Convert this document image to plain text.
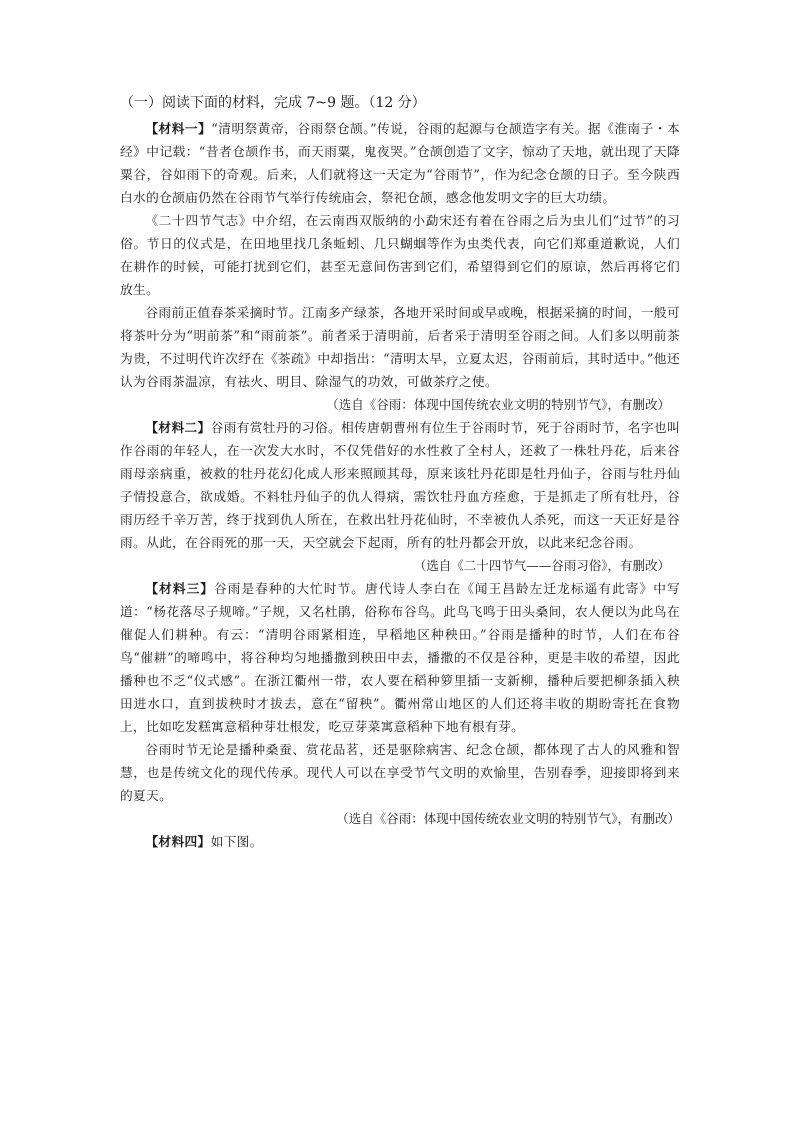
（一）阅读下面的材料，完成 7~9 题。（12 分）

【材料一】“清明祭黄帝，谷雨祭仓颉。”传说，谷雨的起源与仓颉造字有关。据《淮南子・本经》中记载：“昔者仓颉作书，而天雨粟，鬼夜哭。”仓颉创造了文字，惊动了天地，就出现了天降粟谷，谷如雨下的奇观。后来，人们就将这一天定为“谷雨节”，作为纪念仓颉的日子。至今陕西白水的仓颉庙仍然在谷雨节气举行传统庙会，祭祀仓颉，感念他发明文字的巨大功绩。

《二十四节气志》中介绍，在云南西双版纳的小勐宋还有着在谷雨之后为虫儿们“过节”的习俗。节日的仪式是，在田地里找几条蚯蚓、几只蝴蝈等作为虫类代表，向它们郑重道歉说，人们在耕作的时候，可能打扰到它们，甚至无意间伤害到它们，希望得到它们的原谅，然后再将它们放生。

谷雨前正值春茶采摘时节。江南多产绿茶，各地开采时间或早或晚，根据采摘的时间，一般可将茶叶分为“明前茶”和“雨前茶”。前者采于清明前，后者采于清明至谷雨之间。人们多以明前茶为贵，不过明代许次纾在《茶疏》中却指出：“清明太早，立夏太迟，谷雨前后，其时适中。”他还认为谷雨茶温凉，有祛火、明目、除湿气的功效，可做茶疗之使。

（选自《谷雨：体现中国传统农业文明的特别节气》，有删改）

【材料二】谷雨有赏牡丹的习俗。相传唐朝曹州有位生于谷雨时节，死于谷雨时节，名字也叫作谷雨的年轻人，在一次发大水时，不仅凭借好的水性救了全村人，还救了一株牡丹花，后来谷雨母亲病重，被救的牡丹花幻化成人形来照顾其母，原来该牡丹花即是牡丹仙子，谷雨与牡丹仙子情投意合，欲成婚。不料牡丹仙子的仇人得病，需饮牡丹血方痊愈，于是抓走了所有牡丹，谷雨历经千辛万苦，终于找到仇人所在，在救出牡丹花仙时，不幸被仇人杀死，而这一天正好是谷雨。从此，在谷雨死的那一天，天空就会下起雨，所有的牡丹都会开放，以此来纪念谷雨。

（选自《二十四节气——谷雨习俗》，有删改）

【材料三】谷雨是春种的大忙时节。唐代诗人李白在《闻王昌龄左迁龙标遥有此寄》中写道：“杨花落尽子规啼。”子规，又名杜鹃，俗称布谷鸟。此鸟飞鸣于田头桑间，农人便以为此鸟在催促人们耕种。有云：“清明谷雨紧相连，早稻地区种秧田。”谷雨是播种的时节，人们在布谷鸟“催耕”的啼鸣中，将谷种均匀地播撒到秧田中去，播撒的不仅是谷种，更是丰收的希望，因此播种也不乏“仪式感”。在浙江衢州一带，农人要在稻种箩里插一支新柳，播种后要把柳条插入秧田进水口，直到拔秧时才拔去，意在“留秧”。衢州常山地区的人们还将丰收的期盼寄托在食物上，比如吃发糕寓意稻种芽壮根发，吃豆芽菜寓意稻种下地有根有芽。

谷雨时节无论是播种桑蚕、赏花品茗，还是驱除病害、纪念仓颉，都体现了古人的风雅和智慧，也是传统文化的现代传承。现代人可以在享受节气文明的欢愉里，告别春季，迎接即将到来的夏天。

（选自《谷雨：体现中国传统农业文明的特别节气》，有删改）

【材料四】如下图。
